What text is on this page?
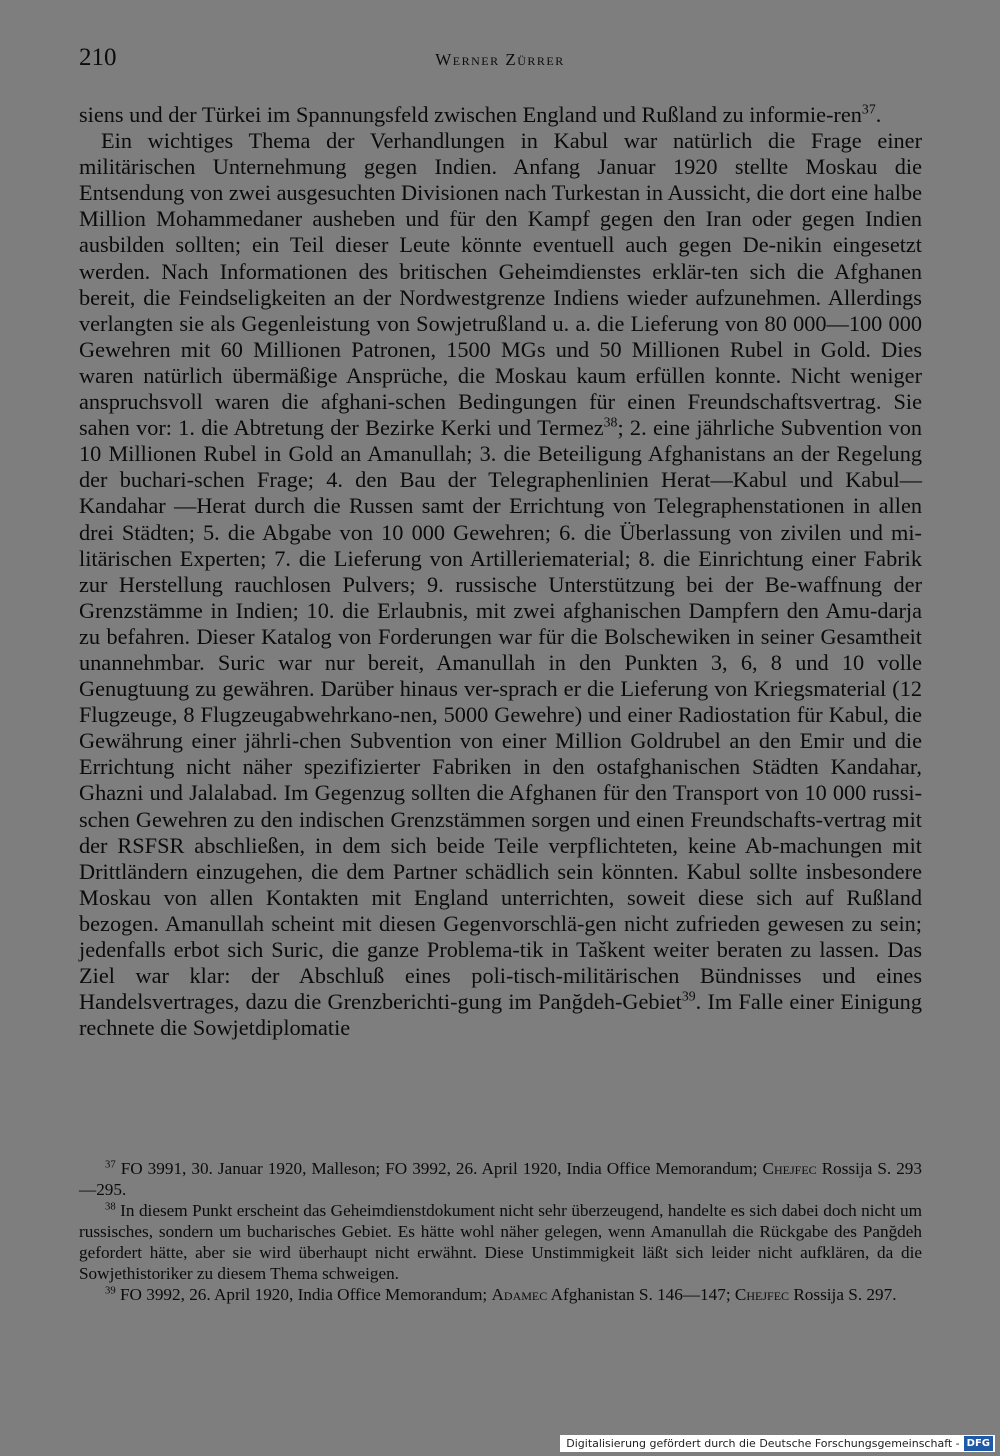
210	Werner Zürrer

siens und der Türkei im Spannungsfeld zwischen England und Rußland zu informie-ren$^{37}$.

Ein wichtiges Thema der Verhandlungen in Kabul war natürlich die Frage einer militärischen Unternehmung gegen Indien. Anfang Januar 1920 stellte Moskau die Entsendung von zwei ausgesuchten Divisionen nach Turkestan in Aussicht, die dort eine halbe Million Mohammedaner ausheben und für den Kampf gegen den Iran oder gegen Indien ausbilden sollten; ein Teil dieser Leute könnte eventuell auch gegen De-nikin eingesetzt werden. Nach Informationen des britischen Geheimdienstes erklär-ten sich die Afghanen bereit, die Feindseligkeiten an der Nordwestgrenze Indiens wieder aufzunehmen. Allerdings verlangten sie als Gegenleistung von Sowjetrußland u. a. die Lieferung von 80 000—100 000 Gewehren mit 60 Millionen Patronen, 1500 MGs und 50 Millionen Rubel in Gold. Dies waren natürlich übermäßige Ansprüche, die Moskau kaum erfüllen konnte. Nicht weniger anspruchsvoll waren die afghani-schen Bedingungen für einen Freundschaftsvertrag. Sie sahen vor: 1. die Abtretung der Bezirke Kerki und Termez$^{38}$; 2. eine jährliche Subvention von 10 Millionen Rubel in Gold an Amanullah; 3. die Beteiligung Afghanistans an der Regelung der buchari-schen Frage; 4. den Bau der Telegraphenlinien Herat—Kabul und Kabul—Kandahar —Herat durch die Russen samt der Errichtung von Telegraphenstationen in allen drei Städten; 5. die Abgabe von 10 000 Gewehren; 6. die Überlassung von zivilen und mi-litärischen Experten; 7. die Lieferung von Artilleriematerial; 8. die Einrichtung einer Fabrik zur Herstellung rauchlosen Pulvers; 9. russische Unterstützung bei der Be-waffnung der Grenzstämme in Indien; 10. die Erlaubnis, mit zwei afghanischen Dampfern den Amu-darja zu befahren. Dieser Katalog von Forderungen war für die Bolschewiken in seiner Gesamtheit unannehmbar. Suric war nur bereit, Amanullah in den Punkten 3, 6, 8 und 10 volle Genugtuung zu gewähren. Darüber hinaus ver-sprach er die Lieferung von Kriegsmaterial (12 Flugzeuge, 8 Flugzeugabwehrkano-nen, 5000 Gewehre) und einer Radiostation für Kabul, die Gewährung einer jährli-chen Subvention von einer Million Goldrubel an den Emir und die Errichtung nicht näher spezifizierter Fabriken in den ostafghanischen Städten Kandahar, Ghazni und Jalalabad. Im Gegenzug sollten die Afghanen für den Transport von 10 000 russi-schen Gewehren zu den indischen Grenzstämmen sorgen und einen Freundschafts-vertrag mit der RSFSR abschließen, in dem sich beide Teile verpflichteten, keine Ab-machungen mit Drittländern einzugehen, die dem Partner schädlich sein könnten. Kabul sollte insbesondere Moskau von allen Kontakten mit England unterrichten, soweit diese sich auf Rußland bezogen. Amanullah scheint mit diesen Gegenvorschlä-gen nicht zufrieden gewesen zu sein; jedenfalls erbot sich Suric, die ganze Problema-tik in Taškent weiter beraten zu lassen. Das Ziel war klar: der Abschluß eines poli-tisch-militärischen Bündnisses und eines Handelsvertrages, dazu die Grenzberichti-gung im Panğdeh-Gebiet$^{39}$. Im Falle einer Einigung rechnete die Sowjetdiplomatie

$^{37}$ FO 3991, 30. Januar 1920, Malleson; FO 3992, 26. April 1920, India Office Memorandum; Chejfec Rossija S. 293—295.

$^{38}$ In diesem Punkt erscheint das Geheimdienstdokument nicht sehr überzeugend, handelte es sich dabei doch nicht um russisches, sondern um bucharisches Gebiet. Es hätte wohl näher gelegen, wenn Amanullah die Rückgabe des Panğdeh gefordert hätte, aber sie wird überhaupt nicht erwähnt. Diese Unstimmigkeit läßt sich leider nicht aufklären, da die Sowjethistoriker zu diesem Thema schweigen.

$^{39}$ FO 3992, 26. April 1920, India Office Memorandum; Adamec Afghanistan S. 146—147; Chejfec Rossija S. 297.

Digitalisierung gefördert durch die Deutsche Forschungsgemeinschaft - DFG
